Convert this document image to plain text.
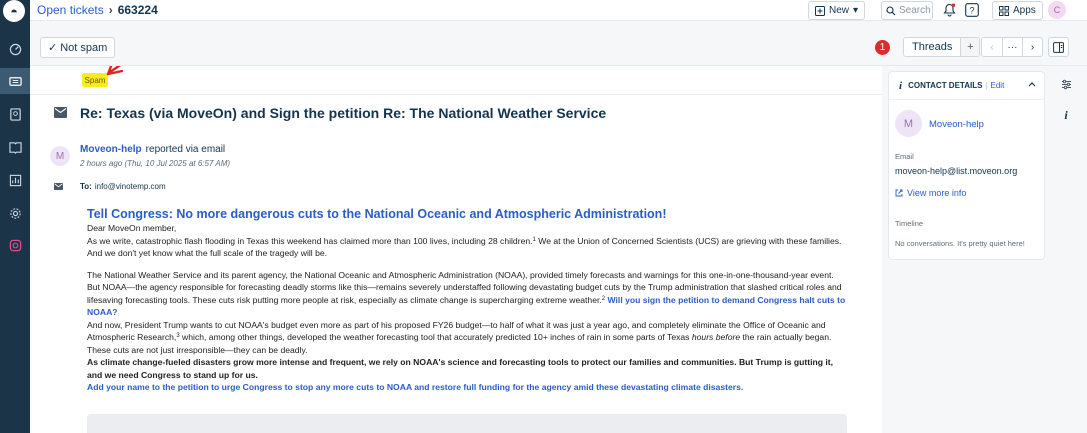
◓	Open tickets › 663224	New ▾	Search	?	Apps	C
✓ Not spam	1	Threads	+	‹	···	›
Spam
Re: Texas (via MoveOn) and Sign the petition Re: The National Weather Service
M
Moveon-help reported via email
2 hours ago (Thu, 10 Jul 2025 at 6:57 AM)
To: info@vinotemp.com
Tell Congress: No more dangerous cuts to the National Oceanic and Atmospheric Administration!

Dear MoveOn member,

As we write, catastrophic flash flooding in Texas this weekend has claimed more than 100 lives, including 28 children.$^1$ We at the Union of Concerned Scientists (UCS) are grieving with these families. And we don't yet know what the full scale of the tragedy will be.

The National Weather Service and its parent agency, the National Oceanic and Atmospheric Administration (NOAA), provided timely forecasts and warnings for this one-in-one-thousand-year event. But NOAA—the agency responsible for forecasting deadly storms like this—remains severely understaffed following devastating budget cuts by the Trump administration that slashed critical roles and lifesaving forecasting tools. These cuts risk putting more people at risk, especially as climate change is supercharging extreme weather.$^2$ Will you sign the petition to demand Congress halt cuts to NOAA?

And now, President Trump wants to cut NOAA's budget even more as part of his proposed FY26 budget—to half of what it was just a year ago, and completely eliminate the Office of Oceanic and Atmospheric Research,$^3$ which, among other things, developed the weather forecasting tool that accurately predicted 10+ inches of rain in some parts of Texas hours before the rain actually began. These cuts are not just irresponsible—they can be deadly.

As climate change-fueled disasters grow more intense and frequent, we rely on NOAA's science and forecasting tools to protect our families and communities. But Trump is gutting it, and we need Congress to stand up for us.

Add your name to the petition to urge Congress to stop any more cuts to NOAA and restore full funding for the agency amid these devastating climate disasters.

i CONTACT DETAILS | Edit
M	Moveon-help
Email
moveon-help@list.moveon.org
View more info
Timeline
No conversations. It's pretty quiet here!
i
